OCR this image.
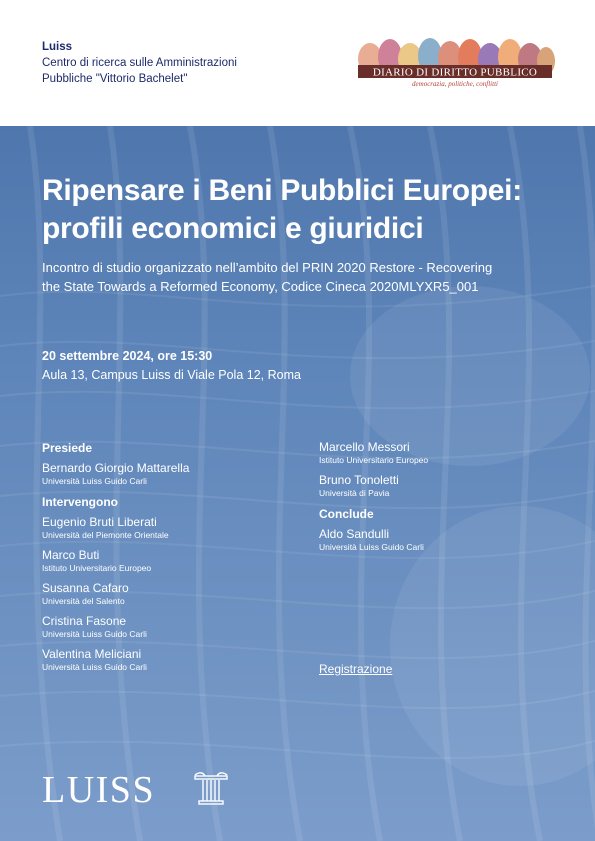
Luiss
Centro di ricerca sulle Amministrazioni
Pubbliche "Vittorio Bachelet"
DIARIO DI DIRITTO PUBBLICO
democrazia, politiche, conflitti
Ripensare i Beni Pubblici Europei:
profili economici e giuridici
Incontro di studio organizzato nell’ambito del PRIN 2020 Restore - Recovering
the State Towards a Reformed Economy, Codice Cineca 2020MLYXR5_001
20 settembre 2024, ore 15:30
Aula 13, Campus Luiss di Viale Pola 12, Roma
Presiede
Bernardo Giorgio Mattarella
Università Luiss Guido Carli
Intervengono
Eugenio Bruti Liberati
Università del Piemonte Orientale
Marco Buti
Istituto Universitario Europeo
Susanna Cafaro
Università del Salento
Cristina Fasone
Università Luiss Guido Carli
Valentina Meliciani
Università Luiss Guido Carli
Marcello Messori
Istituto Universitario Europeo
Bruno Tonoletti
Università di Pavia
Conclude
Aldo Sandulli
Università Luiss Guido Carli
Registrazione
LUISS
